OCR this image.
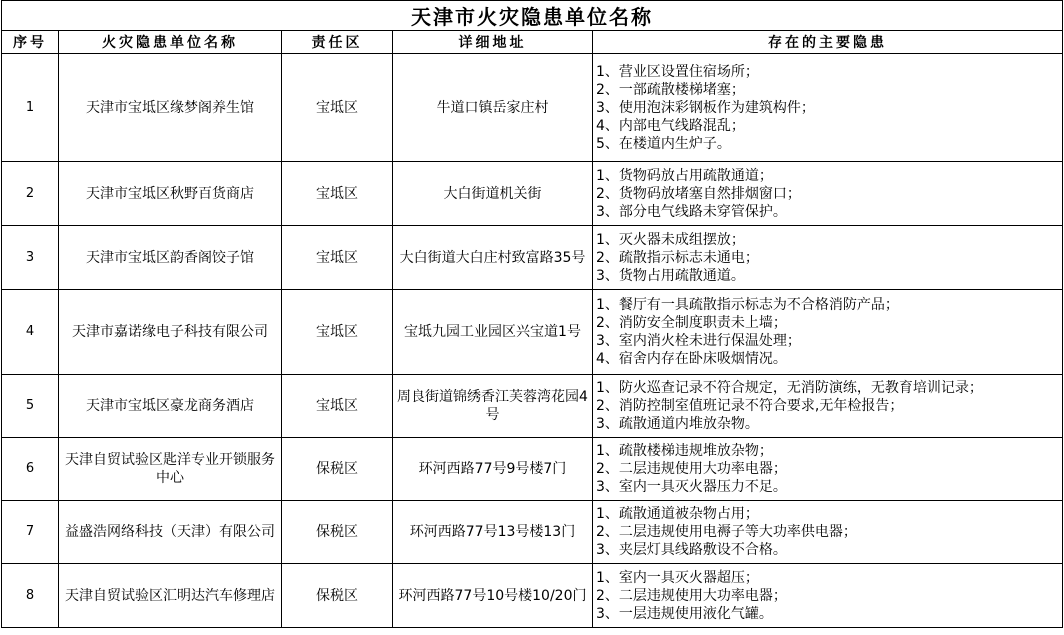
天津市火灾隐患单位名称				
序号	火灾隐患单位名称	责任区	详细地址	存在的主要隐患
1	天津市宝坻区缘梦阁养生馆	宝坻区	牛道口镇岳家庄村	1、营业区设置住宿场所；
2、一部疏散楼梯堵塞；
3、使用泡沫彩钢板作为建筑构件；
4、内部电气线路混乱；
5、在楼道内生炉子。

2	天津市宝坻区秋野百货商店	宝坻区	大白街道机关街	1、货物码放占用疏散通道；
2、货物码放堵塞自然排烟窗口；
3、部分电气线路未穿管保护。

3	天津市宝坻区韵香阁饺子馆	宝坻区	大白街道大白庄村致富路35号	1、灭火器未成组摆放；
2、疏散指示标志未通电；
3、货物占用疏散通道。

4	天津市嘉诺缘电子科技有限公司	宝坻区	宝坻九园工业园区兴宝道1号	1、餐厅有一具疏散指示标志为不合格消防产品；
2、消防安全制度职责未上墙；
3、室内消火栓未进行保温处理；
4、宿舍内存在卧床吸烟情况。

5	天津市宝坻区豪龙商务酒店	宝坻区	周良街道锦绣香江芙蓉湾花园4号	1、防火巡查记录不符合规定，无消防演练，无教育培训记录；
2、消防控制室值班记录不符合要求,无年检报告；
3、疏散通道内堆放杂物。

6	天津自贸试验区匙洋专业开锁服务中心	保税区	环河西路77号9号楼7门	1、疏散楼梯违规堆放杂物；
2、二层违规使用大功率电器；
3、室内一具灭火器压力不足。

7	益盛浩网络科技（天津）有限公司	保税区	环河西路77号13号楼13门	1、疏散通道被杂物占用；
2、二层违规使用电褥子等大功率供电器；
3、夹层灯具线路敷设不合格。

8	天津自贸试验区汇明达汽车修理店	保税区	环河西路77号10号楼10/20门	1、室内一具灭火器超压；
2、二层违规使用大功率电器；
3、一层违规使用液化气罐。
